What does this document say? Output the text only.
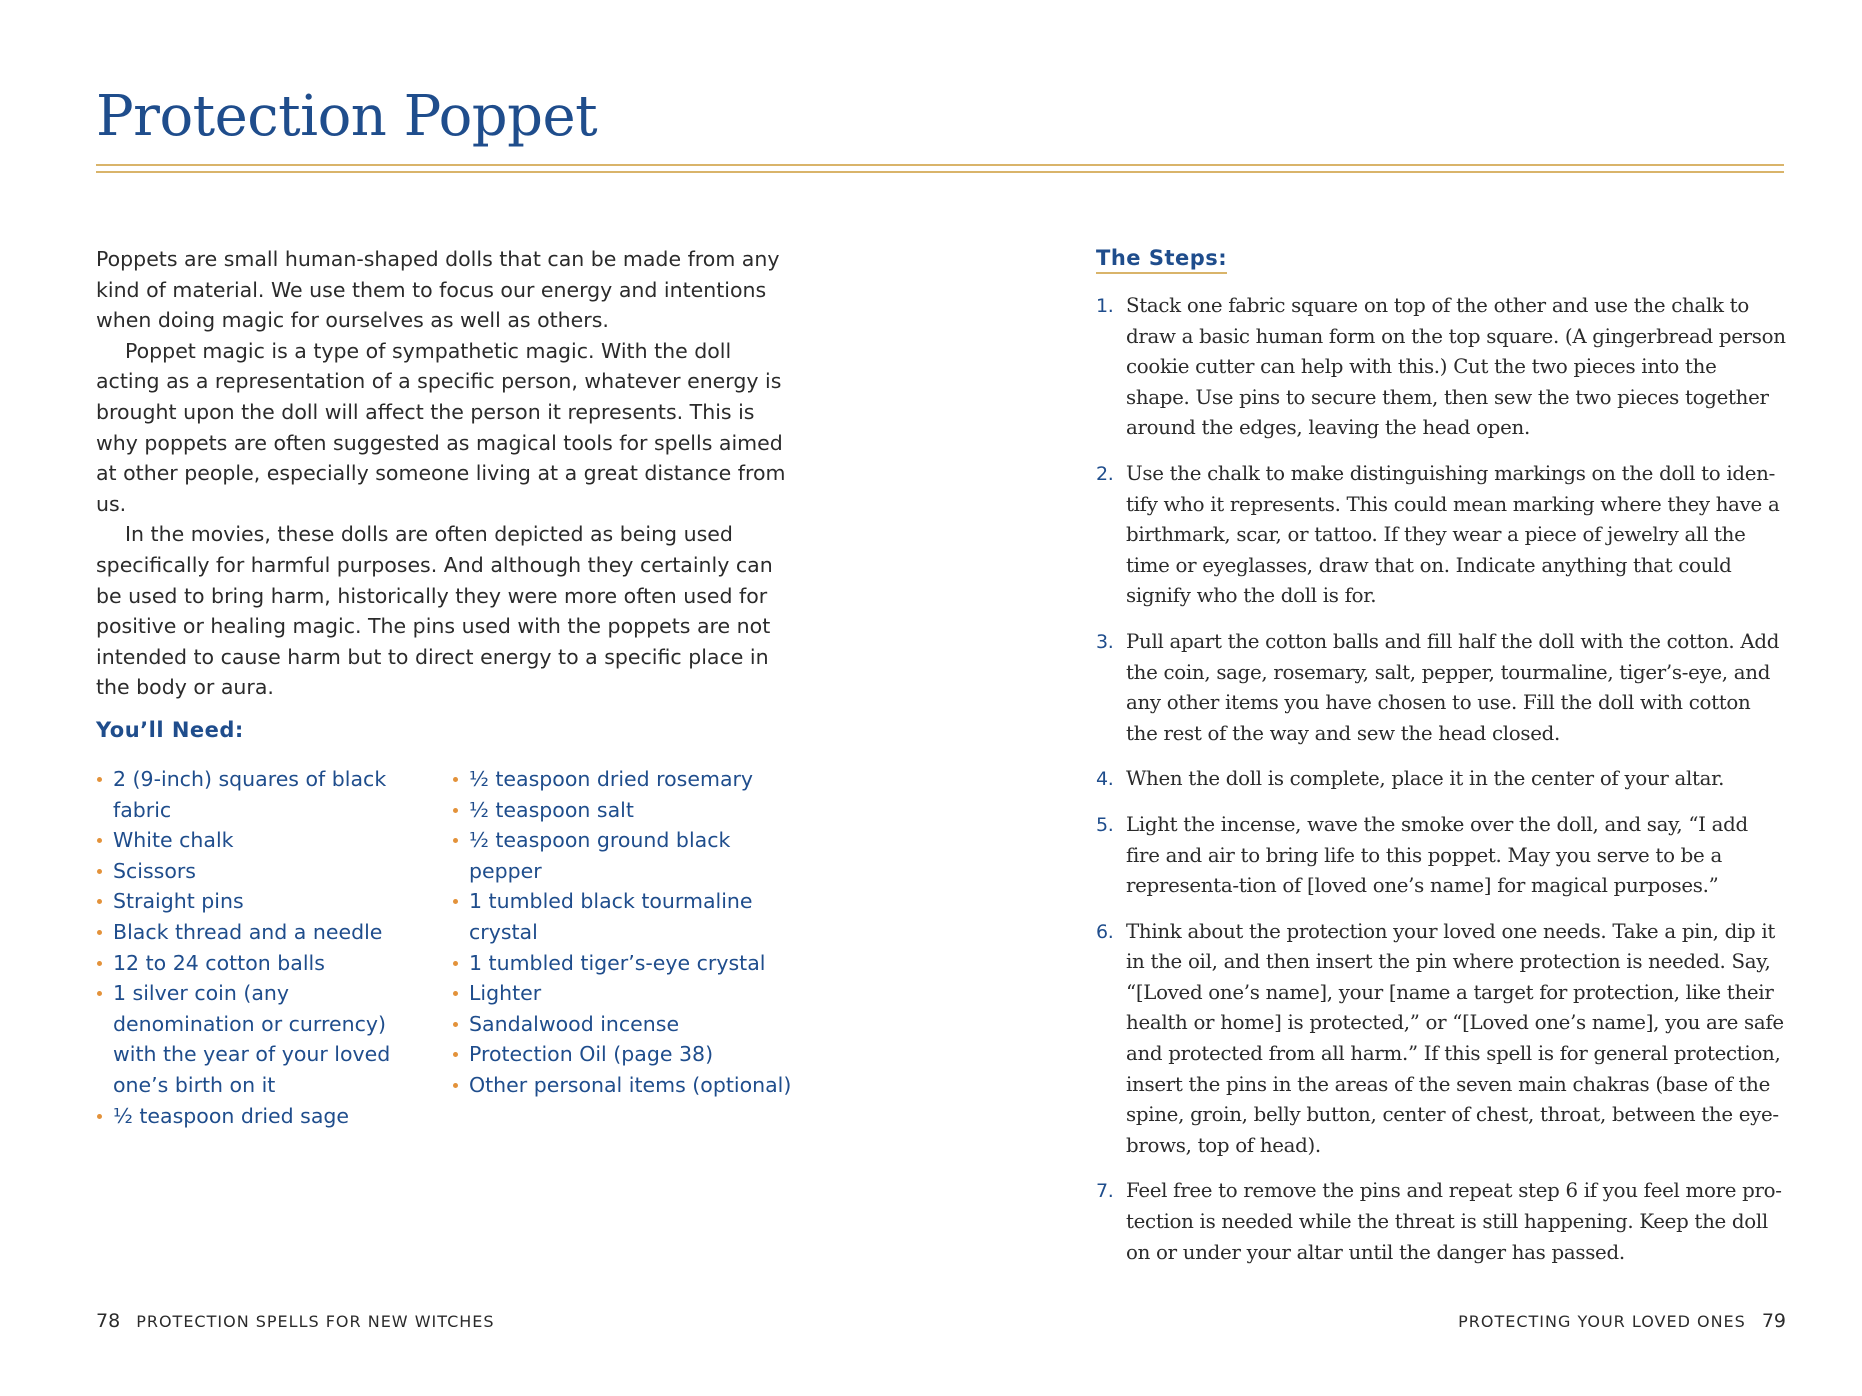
Protection Poppet

Poppets are small human-shaped dolls that can be made from any kind of material. We use them to focus our energy and intentions when doing magic for ourselves as well as others.

Poppet magic is a type of sympathetic magic. With the doll acting as a representation of a specific person, whatever energy is brought upon the doll will affect the person it represents. This is why poppets are often suggested as magical tools for spells aimed at other people, especially someone living at a great distance from us.

In the movies, these dolls are often depicted as being used specifically for harmful purposes. And although they certainly can be used to bring harm, historically they were more often used for positive or healing magic. The pins used with the poppets are not intended to cause harm but to direct energy to a specific place in the body or aura.

You’ll Need:
2 (9-inch) squares of black fabric
White chalk
Scissors
Straight pins
Black thread and a needle
12 to 24 cotton balls
1 silver coin (any denomination or currency) with the year of your loved one’s birth on it
½ teaspoon dried sage
½ teaspoon dried rosemary
½ teaspoon salt
½ teaspoon ground black pepper
1 tumbled black tourmaline crystal
1 tumbled tiger’s-eye crystal
Lighter
Sandalwood incense
Protection Oil (page 38)
Other personal items (optional)
The Steps:
1. Stack one fabric square on top of the other and use the chalk to draw a basic human form on the top square. (A gingerbread person cookie cutter can help with this.) Cut the two pieces into the shape. Use pins to secure them, then sew the two pieces together around the edges, leaving the head open.
2. Use the chalk to make distinguishing markings on the doll to iden-tify who it represents. This could mean marking where they have a birthmark, scar, or tattoo. If they wear a piece of jewelry all the time or eyeglasses, draw that on. Indicate anything that could signify who the doll is for.
3. Pull apart the cotton balls and fill half the doll with the cotton. Add the coin, sage, rosemary, salt, pepper, tourmaline, tiger’s-eye, and any other items you have chosen to use. Fill the doll with cotton the rest of the way and sew the head closed.
4. When the doll is complete, place it in the center of your altar.
5. Light the incense, wave the smoke over the doll, and say, “I add fire and air to bring life to this poppet. May you serve to be a representa-tion of [loved one’s name] for magical purposes.”
6. Think about the protection your loved one needs. Take a pin, dip it in the oil, and then insert the pin where protection is needed. Say, “[Loved one’s name], your [name a target for protection, like their health or home] is protected,” or “[Loved one’s name], you are safe and protected from all harm.” If this spell is for general protection, insert the pins in the areas of the seven main chakras (base of the spine, groin, belly button, center of chest, throat, between the eye-brows, top of head).
7. Feel free to remove the pins and repeat step 6 if you feel more pro-tection is needed while the threat is still happening. Keep the doll on or under your altar until the danger has passed.
78 PROTECTION SPELLS FOR NEW WITCHES	PROTECTING YOUR LOVED ONES 79
